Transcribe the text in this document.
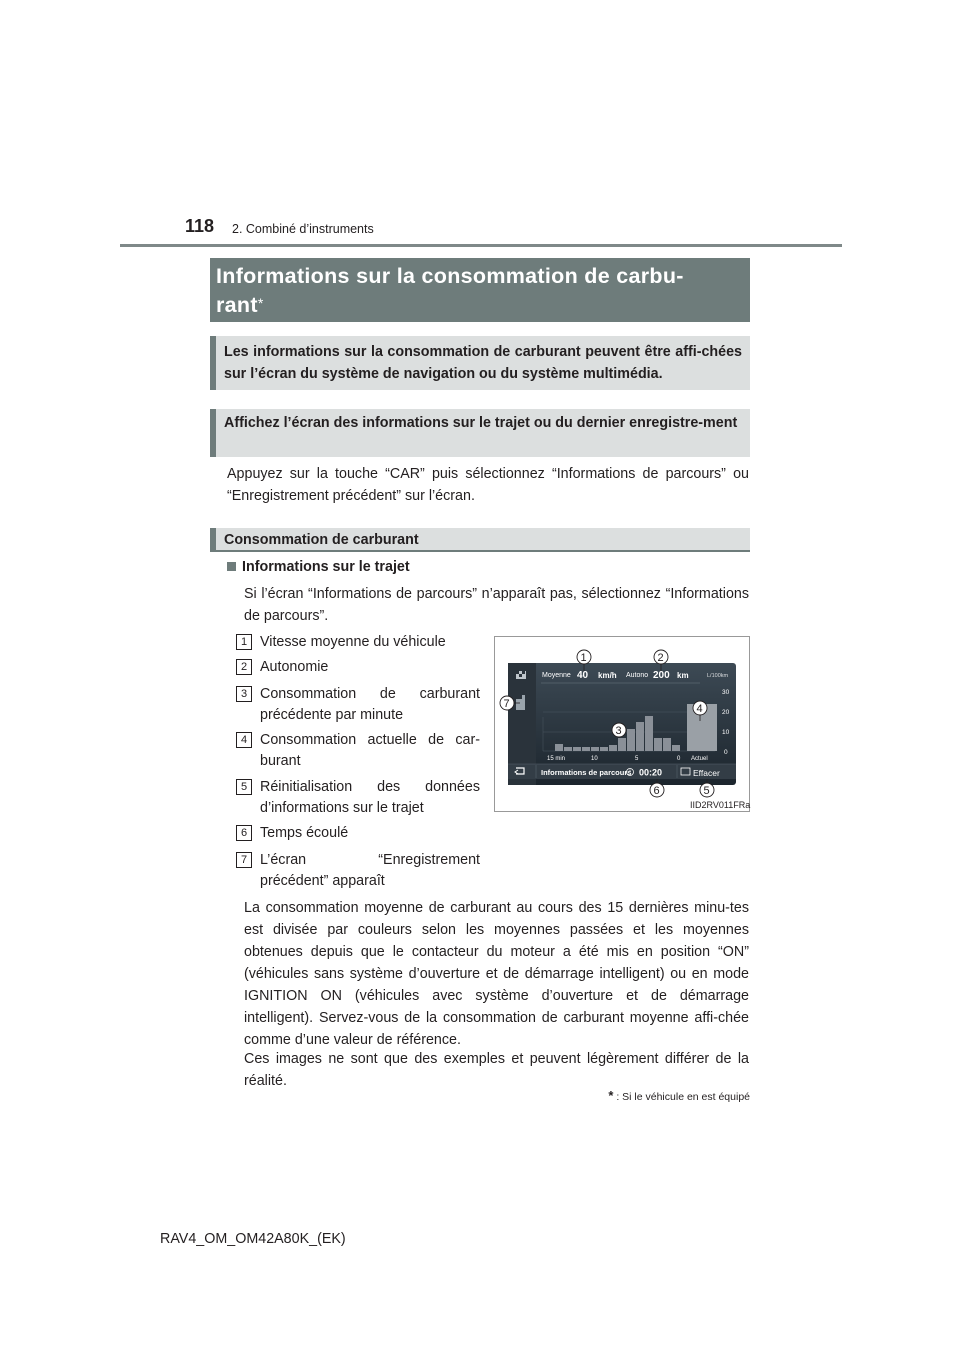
118 2. Combiné d’instruments
Informations sur la consommation de carbu-
rant*
Les informations sur la consommation de carburant peuvent être affi-chées sur l’écran du système de navigation ou du système multimédia.
Affichez l’écran des informations sur le trajet ou du dernier enregistre-ment
Appuyez sur la touche “CAR” puis sélectionnez “Informations de parcours” ou “Enregistrement précédent” sur l’écran.
Consommation de carburant
Informations sur le trajet
Si l’écran “Informations de parcours” n’apparaît pas, sélectionnez “Informations de parcours”.
1 Vitesse moyenne du véhicule
2 Autonomie
3 Consommation de carburant précédente par minute
4 Consommation actuelle de car-burant
5 Réinitialisation des données d’informations sur le trajet
6 Temps écoulé
7 L’écran “Enregistrement précédent” apparaît
Moyenne 40 km/h Autono 200 km	L/100km
30
20
10
0
15 min	10	5	0 Actuel
Informations de parcours 00:20	Effacer
1	2
3
4
5
6
7
IID2RV011FRa
La consommation moyenne de carburant au cours des 15 dernières minu-tes est divisée par couleurs selon les moyennes passées et les moyennes obtenues depuis que le contacteur du moteur a été mis en position “ON” (véhicules sans système d’ouverture et de démarrage intelligent) ou en mode IGNITION ON (véhicules avec système d’ouverture et de démarrage intelligent). Servez-vous de la consommation de carburant moyenne affi-chée comme d’une valeur de référence.
Ces images ne sont que des exemples et peuvent légèrement différer de la réalité.
* : Si le véhicule en est équipé
RAV4_OM_OM42A80K_(EK)
